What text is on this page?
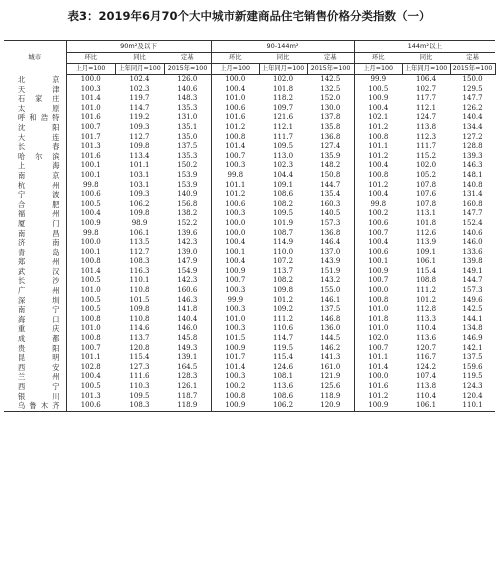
表3：2019年6月70个大中城市新建商品住宅销售价格分类指数（一）
城市	90m²及以下			90-144m²			144m²以上		
	环比	同比	定基	环比	同比	定基	环比	同比	定基
	上月=100	上年同月=100	2015年=100	上月=100	上年同月=100	2015年=100	上月=100	上年同月=100	2015年=100
北京	100.0	102.4	126.0	100.0	102.0	142.5	99.9	106.4	150.0
天津	100.3	102.3	140.6	100.4	101.8	132.5	100.5	102.7	129.5
石家庄	101.4	119.7	148.3	101.0	118.2	152.0	100.9	117.7	147.7
太原	101.0	114.7	135.3	100.6	109.7	130.0	100.4	112.1	126.2
呼和浩特	101.6	119.2	131.0	101.6	121.6	137.8	102.1	124.7	140.4
沈阳	100.7	109.3	135.1	101.2	112.1	135.8	101.2	113.8	134.4
大连	101.7	112.7	135.0	100.8	111.7	136.8	100.8	112.3	127.2
长春	101.3	109.8	137.5	101.4	109.5	127.4	101.1	111.7	128.8
哈尔滨	101.6	113.4	135.3	100.7	113.0	135.9	101.2	115.2	139.3
上海	100.1	101.1	150.2	100.3	102.3	148.2	100.4	102.0	146.3
南京	100.1	103.1	153.9	99.8	104.4	150.8	100.8	105.2	148.1
杭州	99.8	103.1	153.9	101.1	109.1	144.7	101.2	107.8	140.8
宁波	100.6	109.3	140.9	101.2	108.6	135.4	100.4	107.6	131.4
合肥	100.5	106.2	156.8	100.6	108.2	160.3	99.8	107.8	160.8
福州	100.4	109.8	138.2	100.3	109.5	140.5	100.2	113.1	147.7
厦门	100.9	98.9	152.2	100.0	101.9	157.3	100.6	101.8	152.4
南昌	99.8	106.1	139.6	100.0	108.7	136.8	100.7	112.6	140.6
济南	100.0	113.5	142.3	100.4	114.9	146.4	100.4	113.9	146.0
青岛	100.1	112.7	139.0	100.1	110.0	137.0	100.6	109.1	133.6
郑州	100.8	108.3	147.9	100.4	107.2	143.9	100.1	106.1	139.8
武汉	101.4	116.3	154.9	100.9	113.7	151.9	100.9	115.4	149.1
长沙	100.5	110.1	142.3	100.7	108.2	143.2	100.7	108.8	144.7
广州	101.0	110.8	160.6	100.3	109.8	155.0	100.0	111.2	157.3
深圳	100.5	101.5	146.3	99.9	101.2	146.1	100.8	101.2	149.6
南宁	100.5	109.8	141.8	100.3	109.2	137.5	101.0	112.8	142.5
海口	100.8	110.8	140.4	101.0	111.2	146.8	101.8	113.3	144.1
重庆	101.0	114.6	146.0	100.3	110.6	136.0	101.0	110.4	134.8
成都	100.8	113.7	145.8	101.5	114.7	144.5	102.0	113.6	146.9
贵阳	100.7	120.8	149.3	100.9	119.5	146.2	100.7	120.7	142.1
昆明	101.1	115.4	139.1	101.7	115.4	141.3	101.1	116.7	137.5
西安	102.8	127.3	164.5	101.4	124.6	161.0	101.4	124.2	159.6
兰州	100.4	111.6	128.3	100.3	108.1	121.9	100.0	107.4	119.5
西宁	100.5	110.3	126.1	100.2	113.6	125.6	101.6	113.8	124.3
银川	101.3	109.5	118.7	100.8	108.6	118.9	101.2	110.4	120.4
乌鲁木齐	100.6	108.3	118.9	100.9	106.2	120.9	100.9	106.1	110.1
